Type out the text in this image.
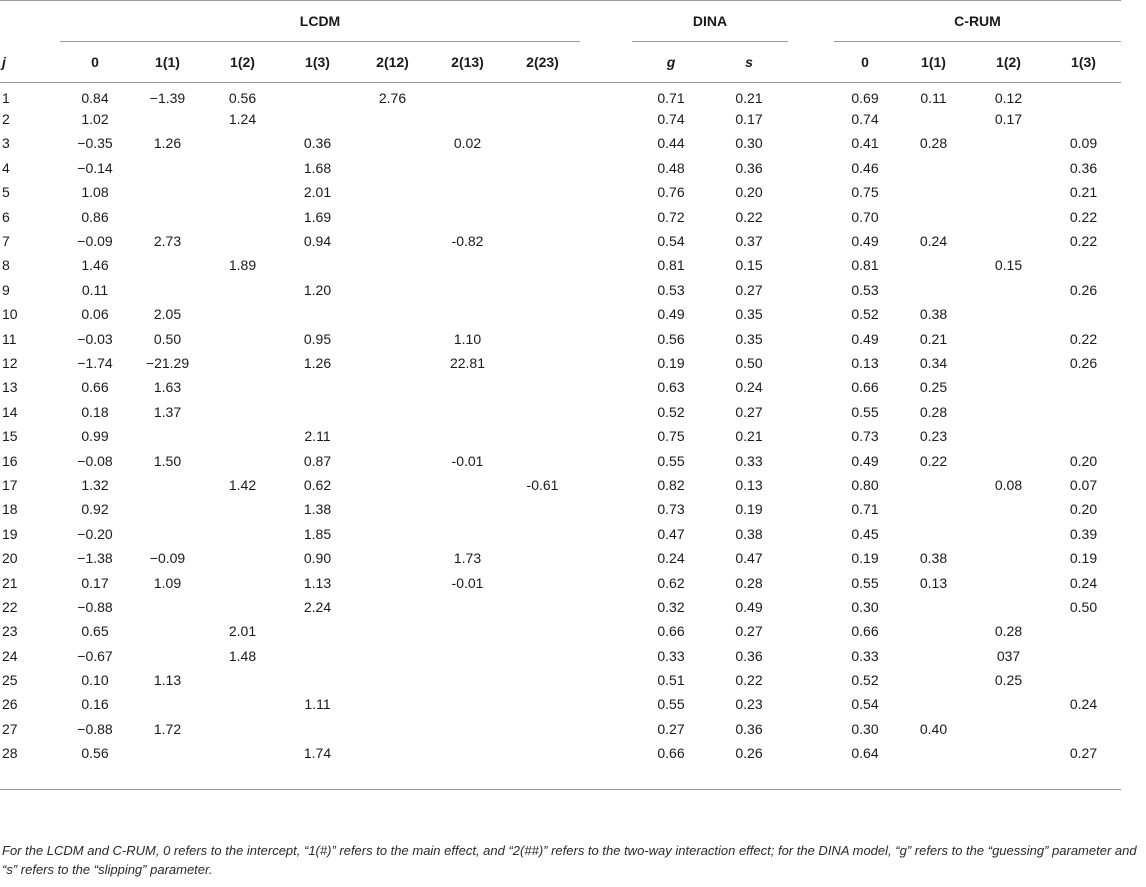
	LCDM								DINA			C-RUM			
j	0	1(1)	1(2)	1(3)	2(12)	2(13)	2(23)		g	s		0	1(1)	1(2)	1(3)
1	0.84	−1.39	0.56		2.76				0.71	0.21		0.69	0.11	0.12	
2	1.02		1.24						0.74	0.17		0.74		0.17	
3	−0.35	1.26		0.36		0.02			0.44	0.30		0.41	0.28		0.09
4	−0.14			1.68					0.48	0.36		0.46			0.36
5	1.08			2.01					0.76	0.20		0.75			0.21
6	0.86			1.69					0.72	0.22		0.70			0.22
7	−0.09	2.73		0.94		-0.82			0.54	0.37		0.49	0.24		0.22
8	1.46		1.89						0.81	0.15		0.81		0.15	
9	0.11			1.20					0.53	0.27		0.53			0.26
10	0.06	2.05							0.49	0.35		0.52	0.38		
11	−0.03	0.50		0.95		1.10			0.56	0.35		0.49	0.21		0.22
12	−1.74	−21.29		1.26		22.81			0.19	0.50		0.13	0.34		0.26
13	0.66	1.63							0.63	0.24		0.66	0.25		
14	0.18	1.37							0.52	0.27		0.55	0.28		
15	0.99			2.11					0.75	0.21		0.73	0.23		
16	−0.08	1.50		0.87		-0.01			0.55	0.33		0.49	0.22		0.20
17	1.32		1.42	0.62			-0.61		0.82	0.13		0.80		0.08	0.07
18	0.92			1.38					0.73	0.19		0.71			0.20
19	−0.20			1.85					0.47	0.38		0.45			0.39
20	−1.38	−0.09		0.90		1.73			0.24	0.47		0.19	0.38		0.19
21	0.17	1.09		1.13		-0.01			0.62	0.28		0.55	0.13		0.24
22	−0.88			2.24					0.32	0.49		0.30			0.50
23	0.65		2.01						0.66	0.27		0.66		0.28	
24	−0.67		1.48						0.33	0.36		0.33		037	
25	0.10	1.13							0.51	0.22		0.52		0.25	
26	0.16			1.11					0.55	0.23		0.54			0.24
27	−0.88	1.72							0.27	0.36		0.30	0.40		
28	0.56			1.74					0.66	0.26		0.64			0.27

For the LCDM and C-RUM, 0 refers to the intercept, “1(#)” refers to the main effect, and “2(##)” refers to the two-way interaction effect; for the DINA model, “g” refers to the “guessing” parameter and “s” refers to the “slipping” parameter.
